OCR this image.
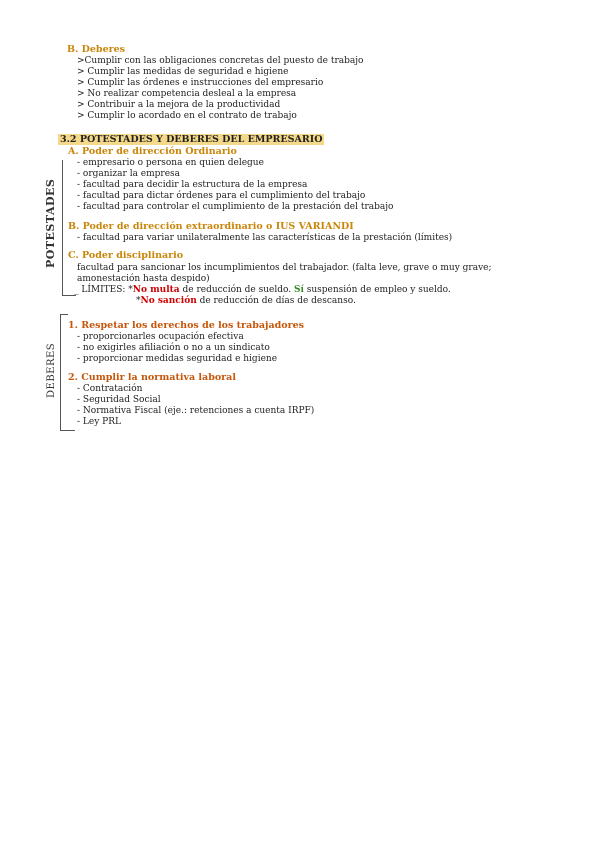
B. Deberes
>Cumplir con las obligaciones concretas del puesto de trabajo
> Cumplir las medidas de seguridad e higiene
> Cumplir las órdenes e instrucciones del empresario
> No realizar competencia desleal a la empresa
> Contribuir a la mejora de la productividad
> Cumplir lo acordado en el contrato de trabajo
3.2 POTESTADES Y DEBERES DEL EMPRESARIO
POTESTADES
A. Poder de dirección Ordinario
- empresario o persona en quien delegue
- organizar la empresa
- facultad para decidir la estructura de la empresa
- facultad para dictar órdenes para el cumplimiento del trabajo
- facultad para controlar el cumplimiento de la prestación del trabajo
B. Poder de dirección extraordinario o IUS VARIANDI
- facultad para variar unilateralmente las características de la prestación (límites)
C. Poder disciplinario
facultad para sancionar los incumplimientos del trabajador. (falta leve, grave o muy grave;
amonestación hasta despido)
_ LÍMITES: *No multa de reducción de sueldo. Sí suspensión de empleo y sueldo.
*No sanción de reducción de días de descanso.
DEBERES
1. Respetar los derechos de los trabajadores
- proporcionarles ocupación efectiva
- no exigirles afiliación o no a un sindicato
- proporcionar medidas seguridad e higiene
2. Cumplir la normativa laboral
- Contratación
- Seguridad Social
- Normativa Fiscal (eje.: retenciones a cuenta IRPF)
- Ley PRL
